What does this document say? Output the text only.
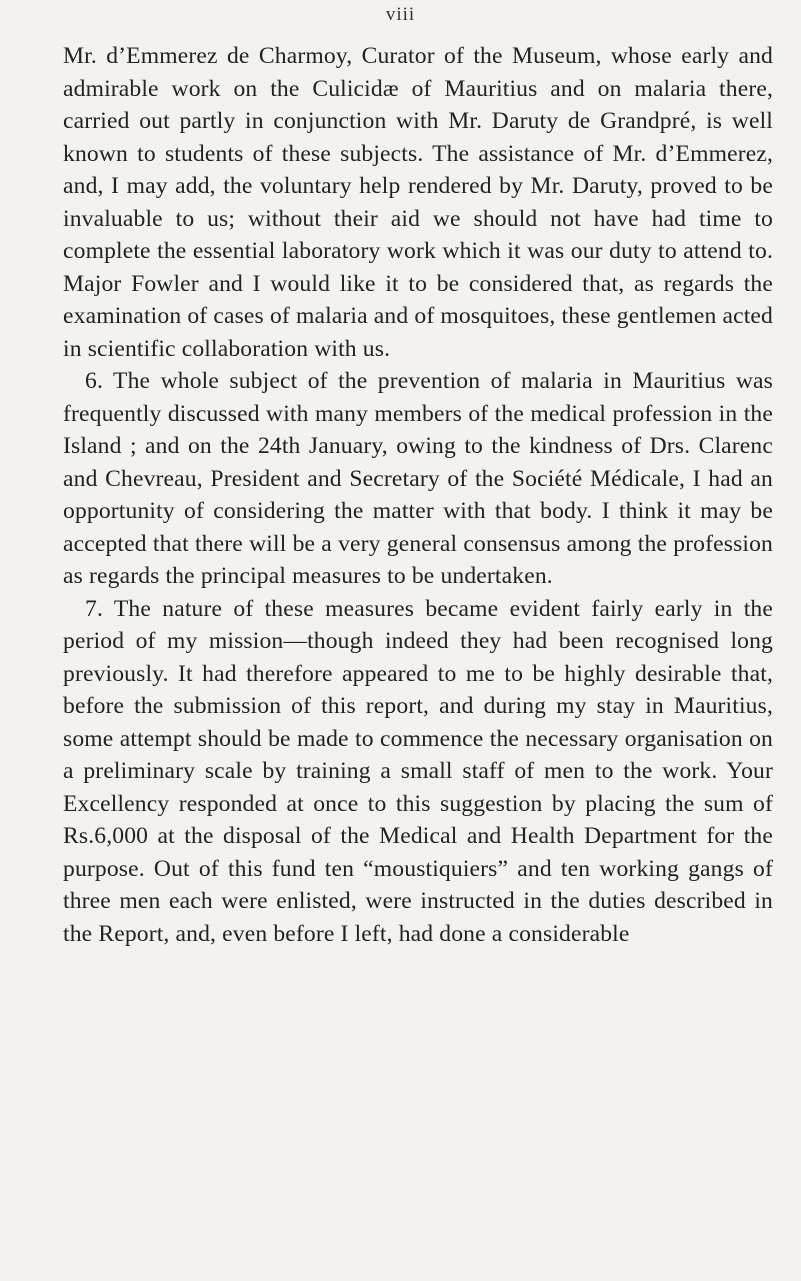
viii

Mr. d’Emmerez de Charmoy, Curator of the Museum, whose early and admirable work on the Culicidæ of Mauritius and on malaria there, carried out partly in conjunction with Mr. Daruty de Grandpré, is well known to students of these subjects. The assistance of Mr. d’Emmerez, and, I may add, the voluntary help rendered by Mr. Daruty, proved to be invaluable to us; without their aid we should not have had time to complete the essential laboratory work which it was our duty to attend to. Major Fowler and I would like it to be considered that, as regards the examination of cases of malaria and of mosquitoes, these gentlemen acted in scientific collaboration with us.

6. The whole subject of the prevention of malaria in Mauritius was frequently discussed with many members of the medical profession in the Island ; and on the 24th January, owing to the kindness of Drs. Clarenc and Chevreau, President and Secretary of the Société Médicale, I had an opportunity of considering the matter with that body. I think it may be accepted that there will be a very general consensus among the profession as regards the principal measures to be undertaken.

7. The nature of these measures became evident fairly early in the period of my mission—though indeed they had been recognised long previously. It had therefore appeared to me to be highly desirable that, before the submission of this report, and during my stay in Mauritius, some attempt should be made to commence the necessary organisation on a preliminary scale by training a small staff of men to the work. Your Excellency responded at once to this suggestion by placing the sum of Rs.6,000 at the disposal of the Medical and Health Department for the purpose. Out of this fund ten “moustiquiers” and ten working gangs of three men each were enlisted, were instructed in the duties described in the Report, and, even before I left, had done a considerable
